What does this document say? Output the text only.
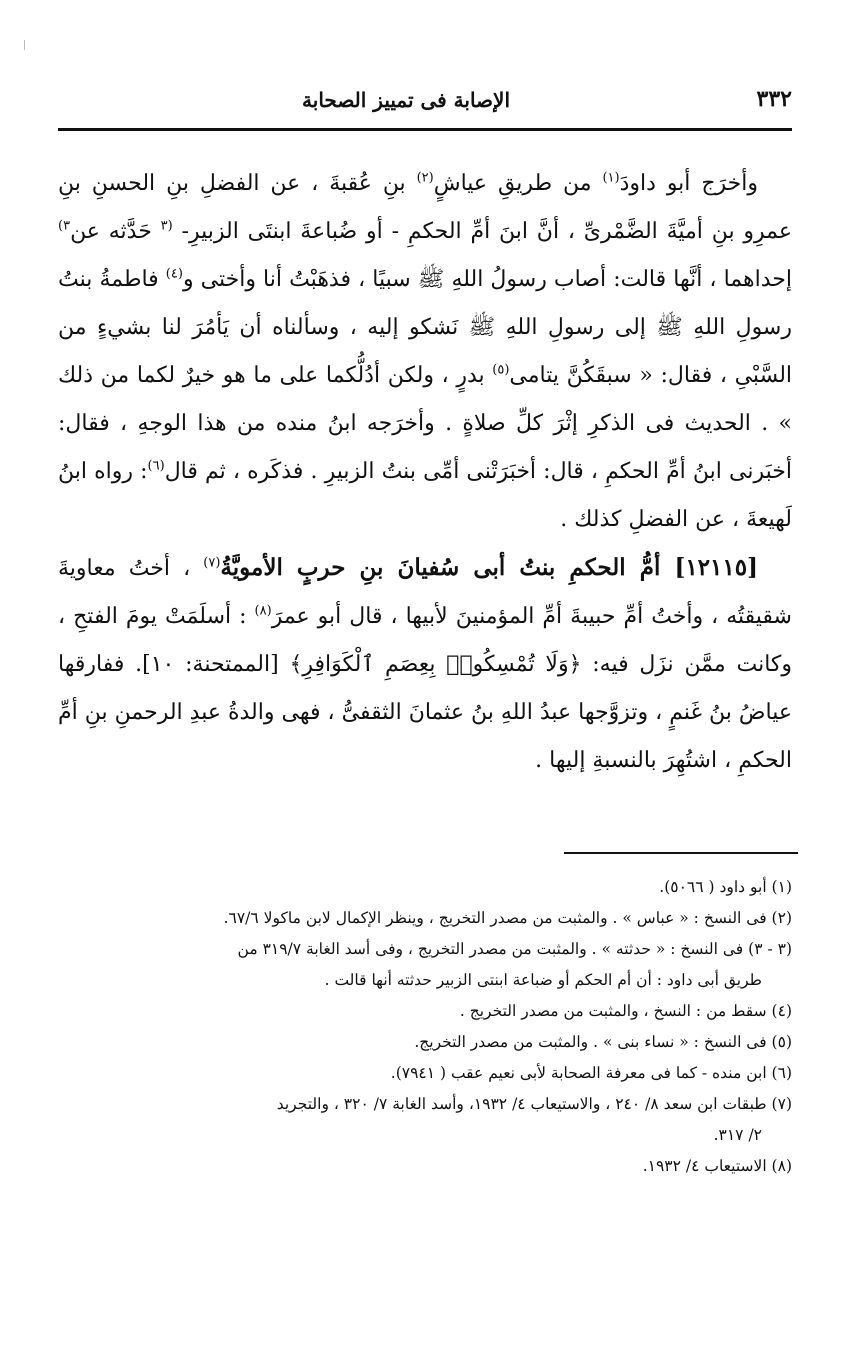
٣٣٢
الإصابة فى تمييز الصحابة

وأخرَج أبو داودَ$^{(١)}$ من طريقِ عياشٍ$^{(٢)}$ بنِ عُقبةَ ، عن الفضلِ بنِ الحسنِ بنِ عمرِو بنِ أميَّةَ الضَّمْرىِّ ، أنَّ ابنَ أمِّ الحكمِ - أو ضُباعةَ ابنتَى الزبيرِ- $^{(٣}$ حَدَّثه عن$^{٣)}$ إحداهما ، أنَّها قالت: أصاب رسولُ اللهِ ﷺ سبيًا ، فذهَبْتُ أنا وأختى و$^{(٤)}$ فاطمةُ بنتُ رسولِ اللهِ ﷺ إلى رسولِ اللهِ ﷺ نَشكو إليه ، وسألناه أن يَأمُرَ لنا بشيءٍ من السَّبْىِ ، فقال: « سبقَكُنَّ يتامى$^{(٥)}$ بدرٍ ، ولكن أدُلُّكما على ما هو خيرٌ لكما من ذلك » . الحديث فى الذكرِ إثْرَ كلِّ صلاةٍ . وأخرَجه ابنُ منده من هذا الوجهِ ، فقال: أخبَرنى ابنُ أمِّ الحكمِ ، قال: أخبَرَتْنى أمِّى بنتُ الزبيرِ . فذكَره ، ثم قال$^{(٦)}$: رواه ابنُ لَهيعةَ ، عن الفضلِ كذلك .

[١٢١١٥] أمُّ الحكمِ بنتُ أبى سُفيانَ بنِ حربٍ الأمويَّةُ$^{(٧)}$ ، أختُ معاويةَ شقيقتُه ، وأختُ أمِّ حبيبةَ أمِّ المؤمنينَ لأبيها ، قال أبو عمرَ$^{(٨)}$ : أسلَمَتْ يومَ الفتحِ ، وكانت ممَّن نزَل فيه: ﴿وَلَا تُمْسِكُوا۟ بِعِصَمِ ٱلْكَوَافِرِ﴾ [الممتحنة: ١٠]. ففارقها عياضُ بنُ غَنمٍ ، وتزوَّجها عبدُ اللهِ بنُ عثمانَ الثقفىُّ ، فهى والدةُ عبدِ الرحمنِ بنِ أمِّ الحكمِ ، اشتُهِرَ بالنسبةِ إليها .

(١) أبو داود ( ٥٠٦٦).

(٢) فى النسخ : « عباس » . والمثبت من مصدر التخريج ، وينظر الإكمال لابن ماكولا ٦٧/٦.

(٣ - ٣) فى النسخ : « حدثته » . والمثبت من مصدر التخريج ، وفى أسد الغابة ٣١٩/٧ من
طريق أبى داود : أن أم الحكم أو ضباعة ابنتى الزبير حدثته أنها قالت .

(٤) سقط من : النسخ ، والمثبت من مصدر التخريج .

(٥) فى النسخ : « نساء بنى » . والمثبت من مصدر التخريج.

(٦) ابن منده - كما فى معرفة الصحابة لأبى نعيم عقب ( ٧٩٤١).

(٧) طبقات ابن سعد ٨/ ٢٤٠ ، والاستيعاب ٤/ ١٩٣٢، وأسد الغابة ٧/ ٣٢٠ ، والتجريد
٢/ ٣١٧.

(٨) الاستيعاب ٤/ ١٩٣٢.
